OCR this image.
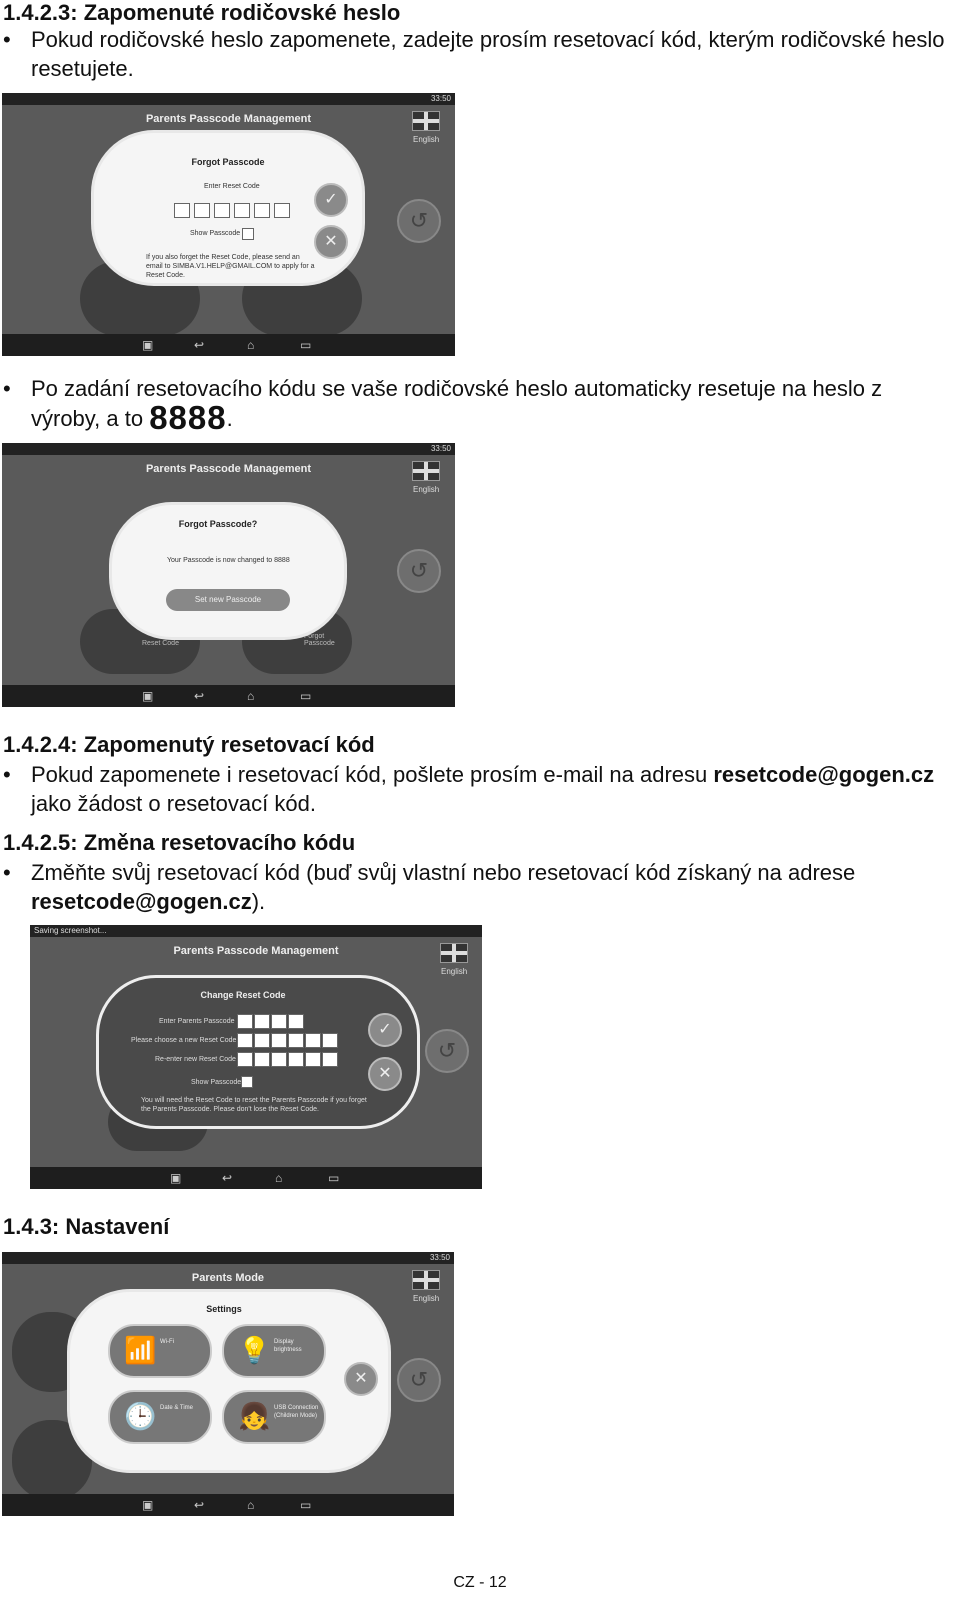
1.4.2.3: Zapomenuté rodičovské heslo
• Pokud rodičovské heslo zapomenete, zadejte prosím resetovací kód, kterým rodičovské heslo resetujete.
33:50
Parents Passcode Management
English
↺
Forgot Passcode
Enter Reset Code
Show Passcode
If you also forget the Reset Code, please send an email to SIMBA.V1.HELP@GMAIL.COM to apply for a Reset Code.
✓
✕
▣	↩	⌂	▭
• Po zadání resetovacího kódu se vaše rodičovské heslo automaticky resetuje na heslo z výroby, a to 8888.
33:50
Parents Passcode Management
English
↺
Reset Code
Forgot Passcode
Forgot Passcode?
Your Passcode is now changed to 8888
Set new Passcode
▣	↩	⌂	▭
1.4.2.4: Zapomenutý resetovací kód
• Pokud zapomenete i resetovací kód, pošlete prosím e-mail na adresu resetcode@gogen.cz jako žádost o resetovací kód.
1.4.2.5: Změna resetovacího kódu
• Změňte svůj resetovací kód (buď svůj vlastní nebo resetovací kód získaný na adrese resetcode@gogen.cz).
Saving screenshot...
Parents Passcode Management
English
↺
Change Reset Code
Enter Parents Passcode
Please choose a new Reset Code
Re-enter new Reset Code
Show Passcode
You will need the Reset Code to reset the Parents Passcode if you forget the Parents Passcode. Please don't lose the Reset Code.
✓
✕
▣	↩	⌂	▭
1.4.3: Nastavení
33:50
Parents Mode
English
↺
Settings
📶 Wi-Fi	💡 Display brightness
🕒 Date & Time	👧 USB Connection (Children Mode)
✕
▣	↩	⌂	▭
CZ - 12
